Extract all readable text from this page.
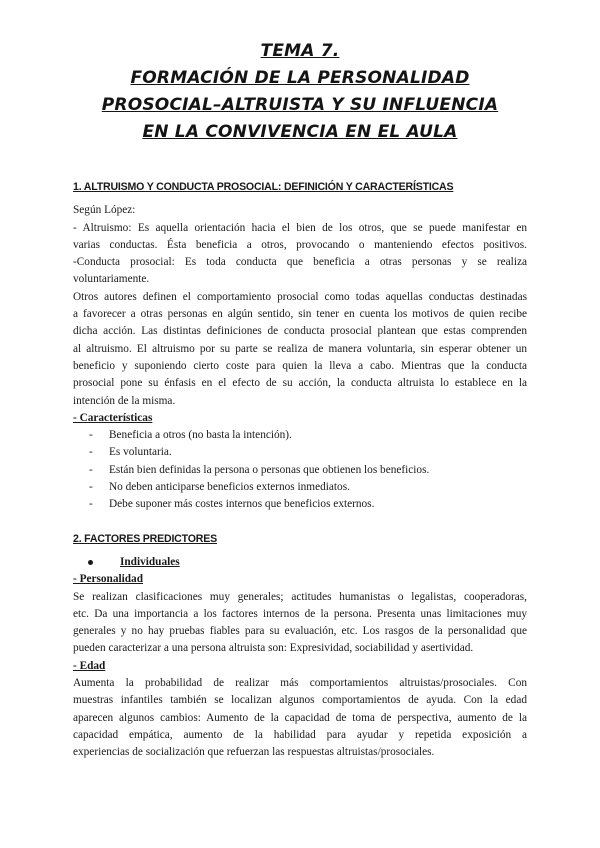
TEMA 7.
FORMACIÓN DE LA PERSONALIDAD
PROSOCIAL–ALTRUISTA Y SU INFLUENCIA
EN LA CONVIVENCIA EN EL AULA
1. ALTRUISMO Y CONDUCTA PROSOCIAL: DEFINICIÓN Y CARACTERÍSTICAS
Según López:
- Altruismo: Es aquella orientación hacia el bien de los otros, que se puede manifestar en
varias conductas. Ésta beneficia a otros, provocando o manteniendo efectos positivos.
-Conducta prosocial: Es toda conducta que beneficia a otras personas y se realiza
voluntariamente.
Otros autores definen el comportamiento prosocial como todas aquellas conductas destinadas
a favorecer a otras personas en algún sentido, sin tener en cuenta los motivos de quien recibe
dicha acción. Las distintas definiciones de conducta prosocial plantean que estas comprenden
al altruismo. El altruismo por su parte se realiza de manera voluntaria, sin esperar obtener un
beneficio y suponiendo cierto coste para quien la lleva a cabo. Mientras que la conducta
prosocial pone su énfasis en el efecto de su acción, la conducta altruista lo establece en la
intención de la misma.
- Características
- Beneficia a otros (no basta la intención).
- Es voluntaria.
- Están bien definidas la persona o personas que obtienen los beneficios.
- No deben anticiparse beneficios externos inmediatos.
- Debe suponer más costes internos que beneficios externos.
2. FACTORES PREDICTORES
Individuales
- Personalidad
Se realizan clasificaciones muy generales; actitudes humanistas o legalistas, cooperadoras,
etc. Da una importancia a los factores internos de la persona. Presenta unas limitaciones muy
generales y no hay pruebas fiables para su evaluación, etc. Los rasgos de la personalidad que
pueden caracterizar a una persona altruista son: Expresividad, sociabilidad y asertividad.
- Edad
Aumenta la probabilidad de realizar más comportamientos altruistas/prosociales. Con
muestras infantiles también se localizan algunos comportamientos de ayuda. Con la edad
aparecen algunos cambios: Aumento de la capacidad de toma de perspectiva, aumento de la
capacidad empática, aumento de la habilidad para ayudar y repetida exposición a
experiencias de socialización que refuerzan las respuestas altruistas/prosociales.
